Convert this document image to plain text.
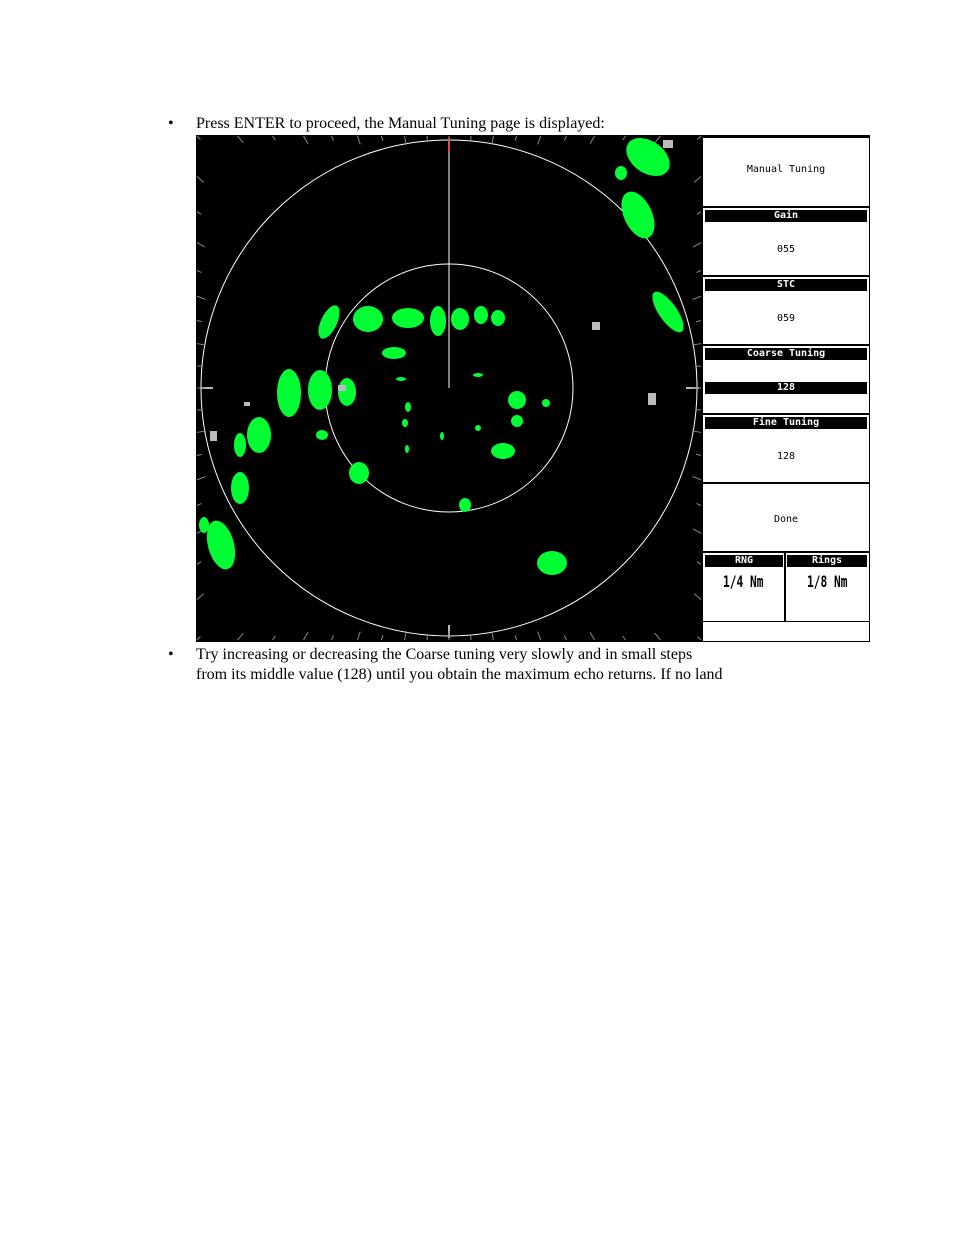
• Press ENTER to proceed, the Manual Tuning page is displayed:
Manual Tuning
Gain
055
STC
059
Coarse Tuning
128
Fine Tuning
128
Done
RNG	Rings
1/4 Nm	1/8 Nm
• Try increasing or decreasing the Coarse tuning very slowly and in small steps
from its middle value (128) until you obtain the maximum echo returns. If no land
